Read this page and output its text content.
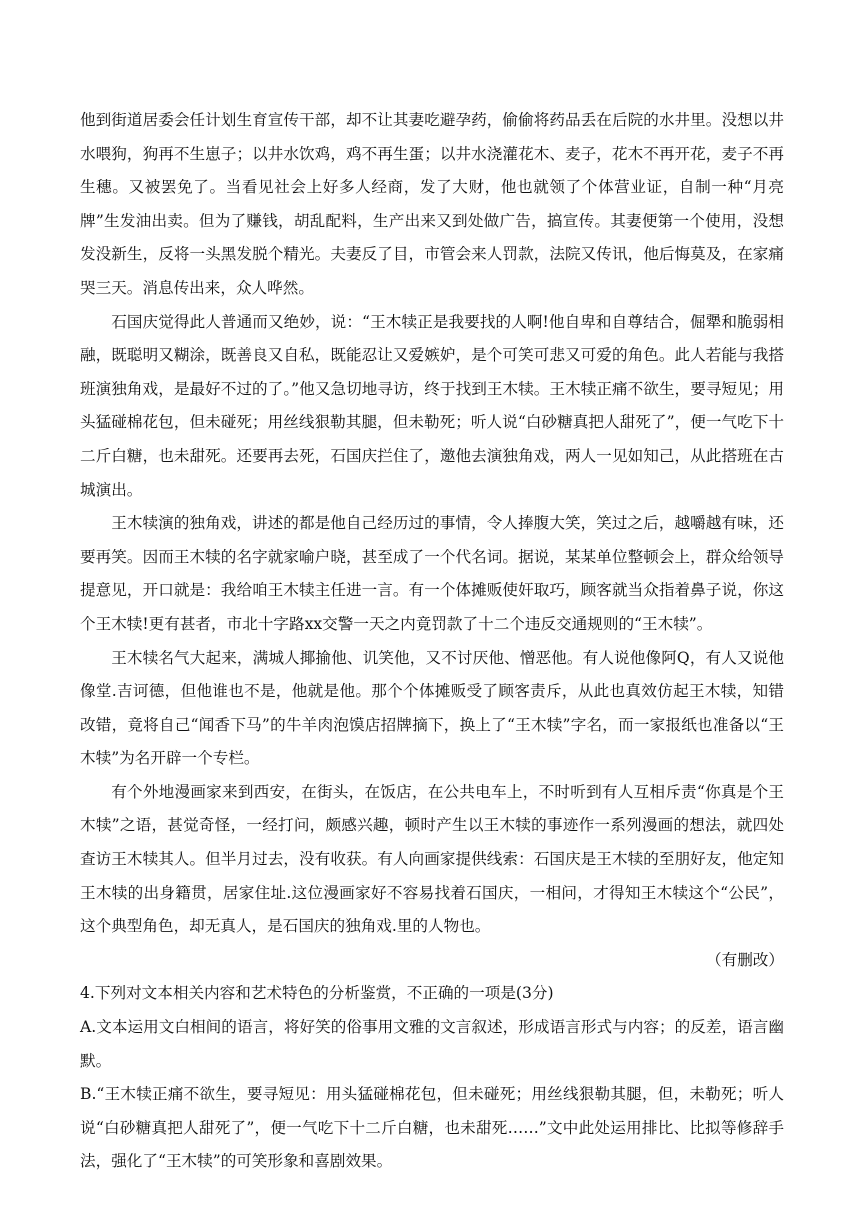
他到街道居委会任计划生育宣传干部，却不让其妻吃避孕药，偷偷将药品丢在后院的水井里。没想以井水喂狗，狗再不生崽子；以井水饮鸡，鸡不再生蛋；以井水浇灌花木、麦子，花木不再开花，麦子不再生穗。又被罢免了。当看见社会上好多人经商，发了大财，他也就领了个体营业证，自制一种“月亮牌”生发油出卖。但为了赚钱，胡乱配料，生产出来又到处做广告，搞宣传。其妻便第一个使用，没想发没新生，反将一头黑发脱个精光。夫妻反了目，市管会来人罚款，法院又传讯，他后悔莫及，在家痛哭三天。消息传出来，众人哗然。

石国庆觉得此人普通而又绝妙，说：“王木犊正是我要找的人啊!他自卑和自尊结合，倔犟和脆弱相融，既聪明又糊涂，既善良又自私，既能忍让又爱嫉妒，是个可笑可悲又可爱的角色。此人若能与我搭班演独角戏，是最好不过的了。”他又急切地寻访，终于找到王木犊。王木犊正痛不欲生，要寻短见；用头猛碰棉花包，但未碰死；用丝线狠勒其腿，但未勒死；听人说“白砂糖真把人甜死了”，便一气吃下十二斤白糖，也未甜死。还要再去死，石国庆拦住了，邀他去演独角戏，两人一见如知己，从此搭班在古城演出。

王木犊演的独角戏，讲述的都是他自己经历过的事情，令人捧腹大笑，笑过之后，越嚼越有味，还要再笑。因而王木犊的名字就家喻户晓，甚至成了一个代名词。据说，某某单位整顿会上，群众给领导提意见，开口就是：我给咱王木犊主任进一言。有一个体摊贩使奸取巧，顾客就当众指着鼻子说，你这个王木犊!更有甚者，市北十字路xx交警一天之内竟罚款了十二个违反交通规则的“王木犊”。

王木犊名气大起来，满城人揶揄他、讥笑他，又不讨厌他、憎恶他。有人说他像阿Q，有人又说他像堂.吉诃德，但他谁也不是，他就是他。那个个体摊贩受了顾客责斥，从此也真效仿起王木犊，知错改错，竟将自己“闻香下马”的牛羊肉泡馍店招牌摘下，换上了“王木犊”字名，而一家报纸也准备以“王木犊”为名开辟一个专栏。

有个外地漫画家来到西安，在街头，在饭店，在公共电车上，不时听到有人互相斥责“你真是个王木犊”之语，甚觉奇怪，一经打问，颇感兴趣，顿时产生以王木犊的事迹作一系列漫画的想法，就四处查访王木犊其人。但半月过去，没有收获。有人向画家提供线索：石国庆是王木犊的至朋好友，他定知王木犊的出身籍贯，居家住址.这位漫画家好不容易找着石国庆，一相问，才得知王木犊这个“公民”，这个典型角色，却无真人，是石国庆的独角戏.里的人物也。

（有删改）

4.下列对文本相关内容和艺术特色的分析鉴赏，不正确的一项是(3分)

A.文本运用文白相间的语言，将好笑的俗事用文雅的文言叙述，形成语言形式与内容；的反差，语言幽默。

B.“王木犊正痛不欲生，要寻短见：用头猛碰棉花包，但未碰死；用丝线狠勒其腿，但，未勒死；听人说“白砂糖真把人甜死了”，便一气吃下十二斤白糖，也未甜死……”文中此处运用排比、比拟等修辞手法，强化了“王木犊”的可笑形象和喜剧效果。
